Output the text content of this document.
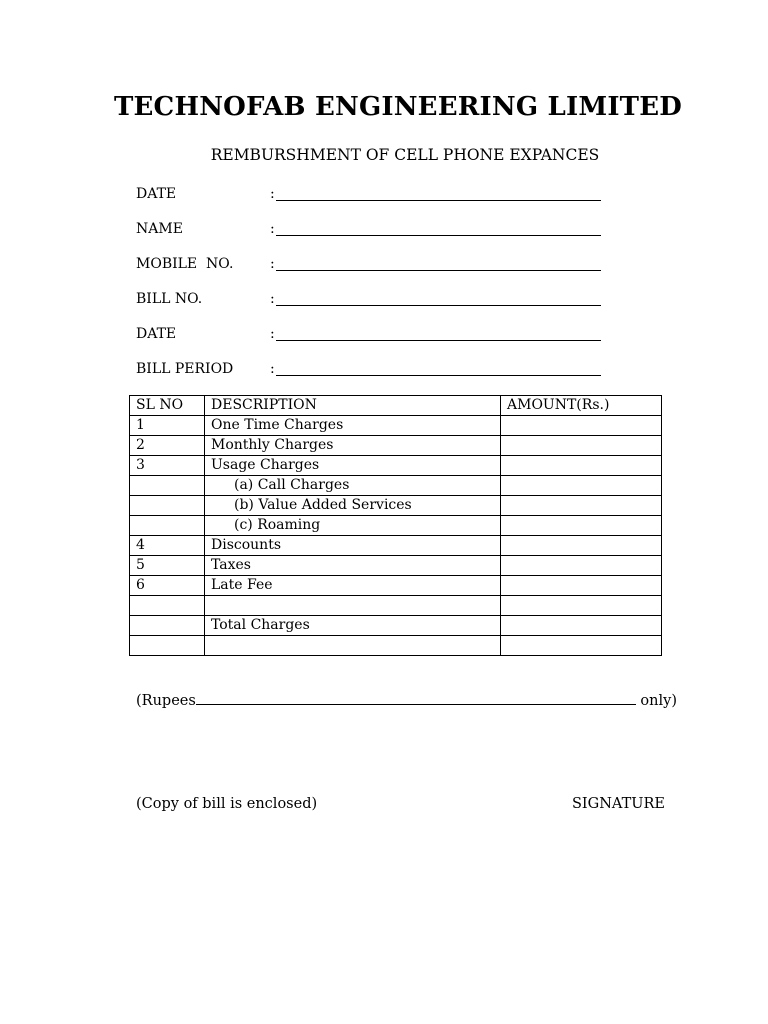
TECHNOFAB ENGINEERING LIMITED
REMBURSHMENT OF CELL PHONE EXPANCES
DATE	:
NAME	:
MOBILE  NO.	:
BILL NO.	:
DATE	:
BILL PERIOD	:
SL NO	DESCRIPTION	AMOUNT(Rs.)
1	One Time Charges	
2	Monthly Charges	
3	Usage Charges	
	(a) Call Charges	
	(b) Value Added Services	
	(c) Roaming	
4	Discounts	
5	Taxes	
6	Late Fee	

	Total Charges	

(Rupees	only)
(Copy of bill is enclosed)	SIGNATURE
